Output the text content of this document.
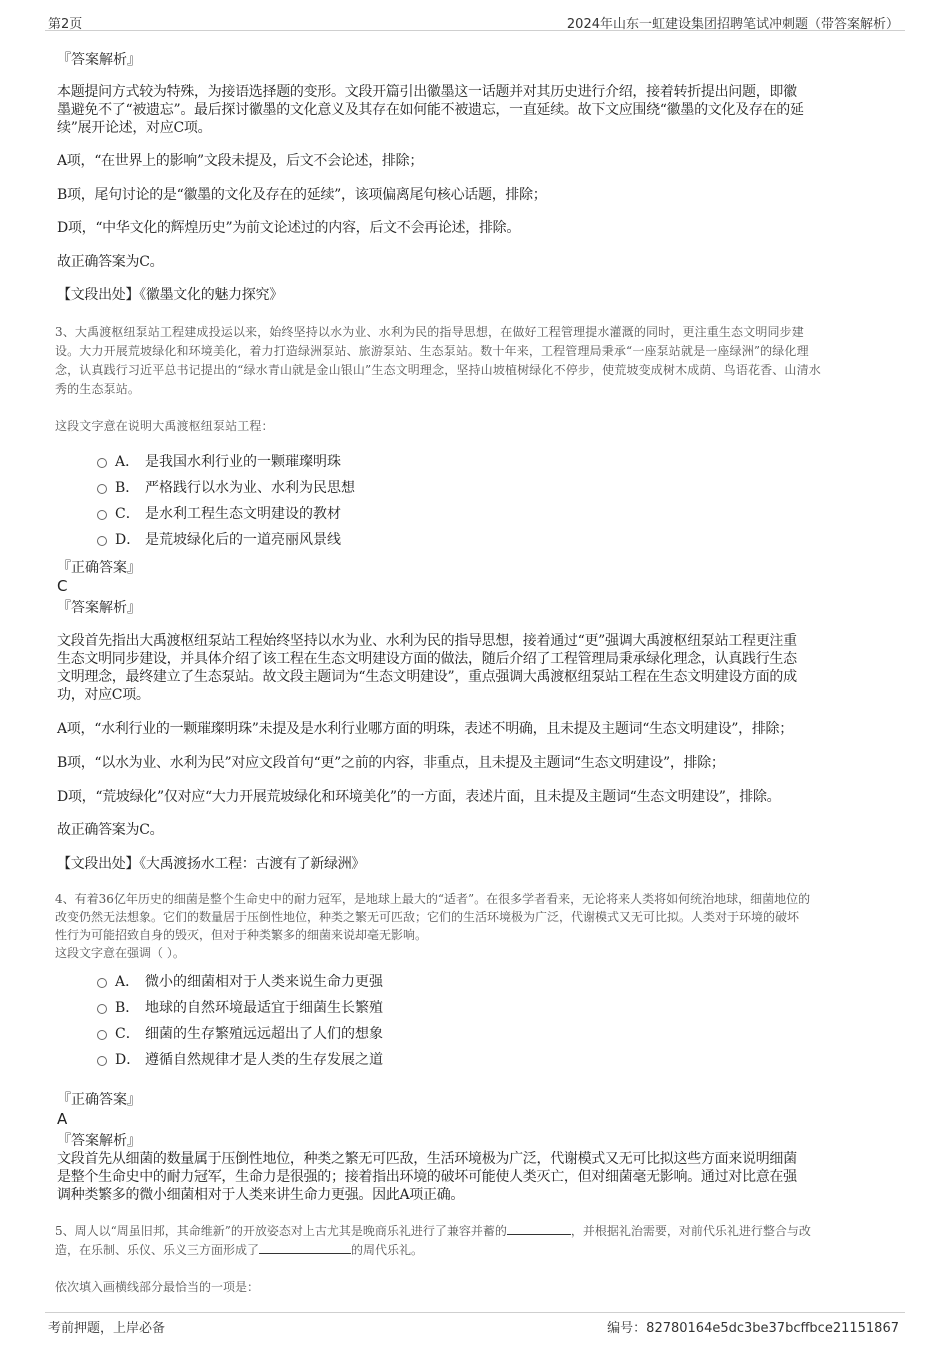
第2页	2024年山东一虹建设集团招聘笔试冲刺题（带答案解析）
『答案解析』
本题提问方式较为特殊，为接语选择题的变形。文段开篇引出徽墨这一话题并对其历史进行介绍，接着转折提出问题，即徽
墨避免不了“被遗忘”。最后探讨徽墨的文化意义及其存在如何能不被遗忘，一直延续。故下文应围绕“徽墨的文化及存在的延
续”展开论述，对应C项。
A项，“在世界上的影响”文段未提及，后文不会论述，排除；
B项，尾句讨论的是“徽墨的文化及存在的延续”，该项偏离尾句核心话题，排除；
D项，“中华文化的辉煌历史”为前文论述过的内容，后文不会再论述，排除。
故正确答案为C。
【文段出处】《徽墨文化的魅力探究》
3、大禹渡枢纽泵站工程建成投运以来，始终坚持以水为业、水利为民的指导思想，在做好工程管理提水灌溉的同时，更注重生态文明同步建
设。大力开展荒坡绿化和环境美化，着力打造绿洲泵站、旅游泵站、生态泵站。数十年来，工程管理局秉承“一座泵站就是一座绿洲”的绿化理
念，认真践行习近平总书记提出的“绿水青山就是金山银山”生态文明理念，坚持山坡植树绿化不停步，使荒坡变成树木成荫、鸟语花香、山清水
秀的生态泵站。
这段文字意在说明大禹渡枢纽泵站工程：
A． 是我国水利行业的一颗璀璨明珠
B． 严格践行以水为业、水利为民思想
C． 是水利工程生态文明建设的教材
D． 是荒坡绿化后的一道亮丽风景线
『正确答案』
C
『答案解析』
文段首先指出大禹渡枢纽泵站工程始终坚持以水为业、水利为民的指导思想，接着通过“更”强调大禹渡枢纽泵站工程更注重
生态文明同步建设，并具体介绍了该工程在生态文明建设方面的做法，随后介绍了工程管理局秉承绿化理念，认真践行生态
文明理念，最终建立了生态泵站。故文段主题词为“生态文明建设”，重点强调大禹渡枢纽泵站工程在生态文明建设方面的成
功，对应C项。
A项，“水利行业的一颗璀璨明珠”未提及是水利行业哪方面的明珠，表述不明确，且未提及主题词“生态文明建设”，排除；
B项，“以水为业、水利为民”对应文段首句“更”之前的内容，非重点，且未提及主题词“生态文明建设”，排除；
D项，“荒坡绿化”仅对应“大力开展荒坡绿化和环境美化”的一方面，表述片面，且未提及主题词“生态文明建设”，排除。
故正确答案为C。
【文段出处】《大禹渡扬水工程：古渡有了新绿洲》
4、有着36亿年历史的细菌是整个生命史中的耐力冠军，是地球上最大的“适者”。在很多学者看来，无论将来人类将如何统治地球，细菌地位的
改变仍然无法想象。它们的数量居于压倒性地位，种类之繁无可匹敌；它们的生活环境极为广泛，代谢模式又无可比拟。人类对于环境的破坏
性行为可能招致自身的毁灭，但对于种类繁多的细菌来说却毫无影响。
这段文字意在强调（ ）。
A． 微小的细菌相对于人类来说生命力更强
B． 地球的自然环境最适宜于细菌生长繁殖
C． 细菌的生存繁殖远远超出了人们的想象
D． 遵循自然规律才是人类的生存发展之道
『正确答案』
A
『答案解析』
文段首先从细菌的数量属于压倒性地位，种类之繁无可匹敌，生活环境极为广泛，代谢模式又无可比拟这些方面来说明细菌
是整个生命史中的耐力冠军，生命力是很强的；接着指出环境的破坏可能使人类灭亡，但对细菌毫无影响。通过对比意在强
调种类繁多的微小细菌相对于人类来讲生命力更强。因此A项正确。
5、周人以“周虽旧邦，其命维新”的开放姿态对上古尤其是晚商乐礼进行了兼容并蓄的	，并根据礼治需要，对前代乐礼进行整合与改
造，在乐制、乐仪、乐义三方面形成了	的周代乐礼。
依次填入画横线部分最恰当的一项是：
考前押题，上岸必备	编号：82780164e5dc3be37bcffbce21151867
